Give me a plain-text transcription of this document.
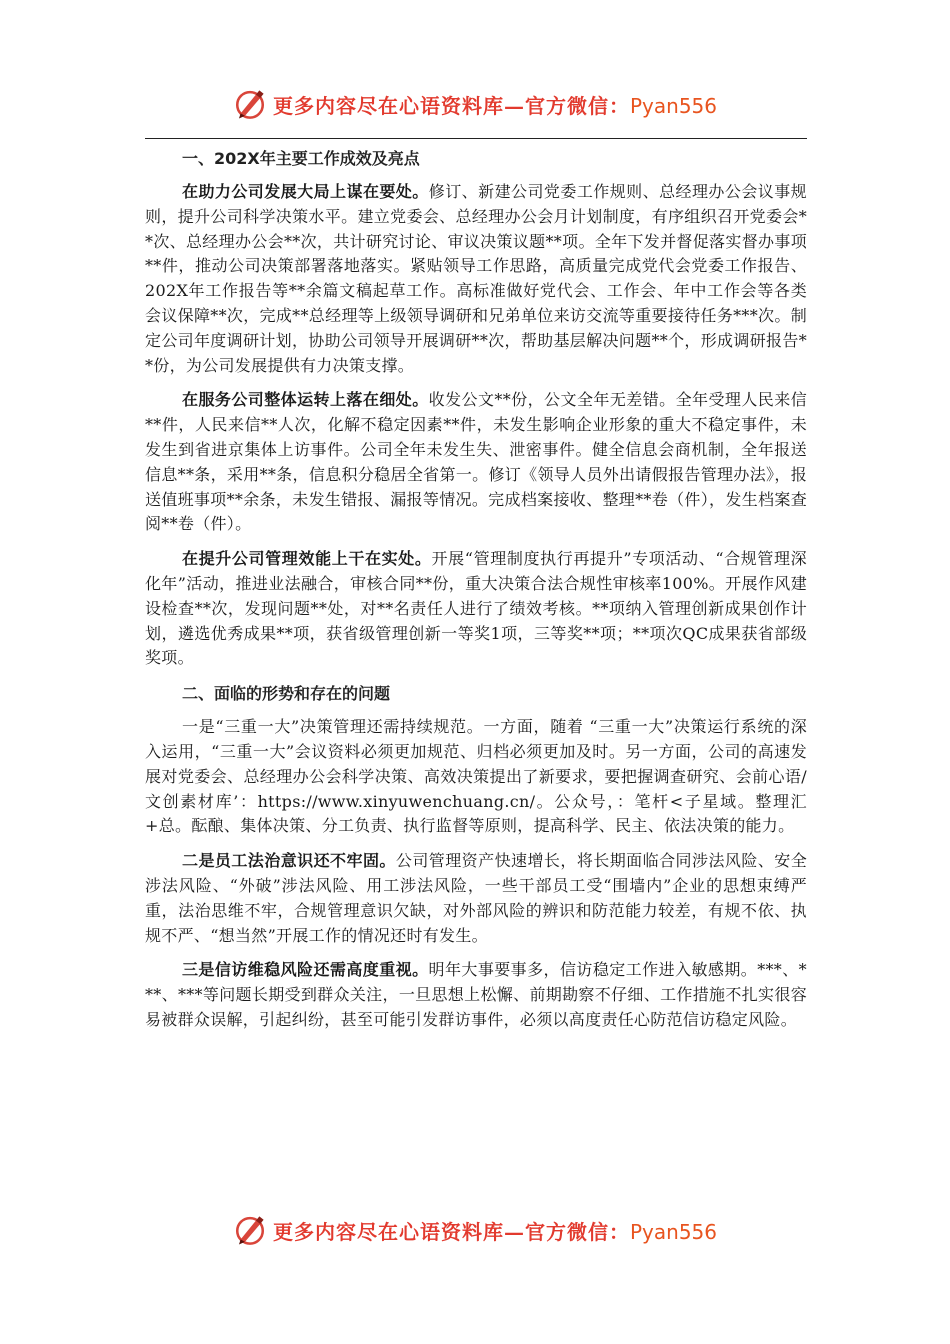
更多内容尽在心语资料库—官方微信：Pyan556

一、202X年主要工作成效及亮点

在助力公司发展大局上谋在要处。修订、新建公司党委工作规则、总经理办公会议事规则，提升公司科学决策水平。建立党委会、总经理办公会月计划制度，有序组织召开党委会**次、总经理办公会**次，共计研究讨论、审议决策议题**项。全年下发并督促落实督办事项**件，推动公司决策部署落地落实。紧贴领导工作思路，高质量完成党代会党委工作报告、202X年工作报告等**余篇文稿起草工作。高标准做好党代会、工作会、年中工作会等各类会议保障**次，完成**总经理等上级领导调研和兄弟单位来访交流等重要接待任务***次。制定公司年度调研计划，协助公司领导开展调研**次，帮助基层解决问题**个，形成调研报告**份，为公司发展提供有力决策支撑。

在服务公司整体运转上落在细处。收发公文**份，公文全年无差错。全年受理人民来信**件，人民来信**人次，化解不稳定因素**件，未发生影响企业形象的重大不稳定事件，未发生到省进京集体上访事件。公司全年未发生失、泄密事件。健全信息会商机制，全年报送信息**条，采用**条，信息积分稳居全省第一。修订《领导人员外出请假报告管理办法》，报送值班事项**余条，未发生错报、漏报等情况。完成档案接收、整理**卷（件），发生档案查阅**卷（件）。

在提升公司管理效能上干在实处。开展“管理制度执行再提升”专项活动、“合规管理深化年”活动，推进业法融合，审核合同**份，重大决策合法合规性审核率100%。开展作风建设检查**次，发现问题**处，对**名责任人进行了绩效考核。**项纳入管理创新成果创作计划，遴选优秀成果**项，获省级管理创新一等奖1项，三等奖**项；**项次QC成果获省部级奖项。

二、面临的形势和存在的问题

一是“三重一大”决策管理还需持续规范。一方面，随着 “三重一大”决策运行系统的深入运用，“三重一大”会议资料必须更加规范、归档必须更加及时。另一方面，公司的高速发展对党委会、总经理办公会科学决策、高效决策提出了新要求，要把握调查研究、会前心语/文创素材库’：https://www.xinyuwenchuang.cn/。公众号，：笔杆<子星域。整理汇+总。酝酿、集体决策、分工负责、执行监督等原则，提高科学、民主、依法决策的能力。

二是员工法治意识还不牢固。公司管理资产快速增长，将长期面临合同涉法风险、安全涉法风险、“外破”涉法风险、用工涉法风险，一些干部员工受“围墙内”企业的思想束缚严重，法治思维不牢，合规管理意识欠缺，对外部风险的辨识和防范能力较差，有规不依、执规不严、“想当然”开展工作的情况还时有发生。

三是信访维稳风险还需高度重视。明年大事要事多，信访稳定工作进入敏感期。***、***、***等问题长期受到群众关注，一旦思想上松懈、前期勘察不仔细、工作措施不扎实很容易被群众误解，引起纠纷，甚至可能引发群访事件，必须以高度责任心防范信访稳定风险。

更多内容尽在心语资料库—官方微信：Pyan556
